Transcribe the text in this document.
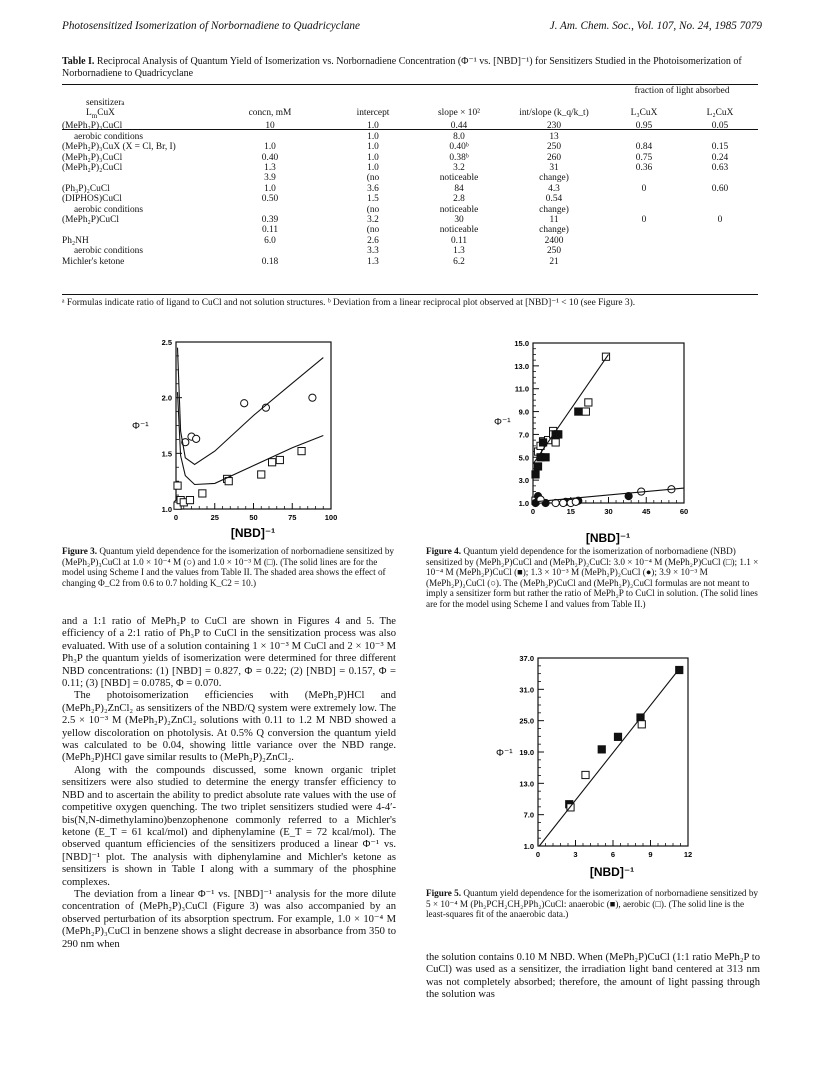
Photosensitized Isomerization of Norbornadiene to Quadricyclane	J. Am. Chem. Soc., Vol. 107, No. 24, 1985 7079
Table I. Reciprocal Analysis of Quantum Yield of Isomerization vs. Norbornadiene Concentration (Φ⁻¹ vs. [NBD]⁻¹) for Sensitizers Studied in the Photoisomerization of Norbornadiene to Quadricyclane
sensitizer$^a$					fraction of light absorbed	
$L_mCuX$	concn, mM	intercept	slope × 10²	int/slope (k_q/k_t)	L₃CuX	L₂CuX
(MePh₂P)₃CuCl	10	1.0	0.44	230	0.95	0.05
aerobic conditions		1.0	8.0	13		
(MePh₂P)₃CuX (X = Cl, Br, I)	1.0	1.0	0.40ᵇ	250	0.84	0.15
(MePh₂P)₃CuCl	0.40	1.0	0.38ᵇ	260	0.75	0.24
(MePh₂P)₂CuCl	1.3	1.0	3.2	31	0.36	0.63
	3.9	(no	noticeable	change)		
(Ph₃P)₂CuCl	1.0	3.6	84	4.3	0	0.60
(DIPHOS)CuCl	0.50	1.5	2.8	0.54		
aerobic conditions		(no	noticeable	change)		
(MePh₂P)CuCl	0.39	3.2	30	11	0	0
	0.11	(no	noticeable	change)		
Ph₂NH	6.0	2.6	0.11	2400		
aerobic conditions		3.3	1.3	250		
Michler's ketone	0.18	1.3	6.2	21		
ᵃ Formulas indicate ratio of ligand to CuCl and not solution structures. ᵇ Deviation from a linear reciprocal plot observed at [NBD]⁻¹ < 10 (see Figure 3).
0	25	50	75	100
1.0
1.5
2.0
2.5
[NBD]⁻¹
Φ⁻¹
Figure 3. Quantum yield dependence for the isomerization of norbornadiene sensitized by (MePh₂P)₃CuCl at 1.0 × 10⁻⁴ M (○) and 1.0 × 10⁻³ M (□). (The solid lines are for the model using Scheme I and the values from Table II. The shaded area shows the effect of changing Φ_C2 from 0.6 to 0.7 holding K_C2 = 10.)
0	15	30	45	60
1.0
3.0
5.0
7.0
9.0
11.0
13.0
15.0
[NBD]⁻¹
Φ⁻¹
Figure 4. Quantum yield dependence for the isomerization of norbornadiene (NBD) sensitized by (MePh₂P)CuCl and (MePh₂P)₂CuCl: 3.0 × 10⁻⁴ M (MePh₂P)CuCl (□); 1.1 × 10⁻⁴ M (MePh₂P)CuCl (■); 1.3 × 10⁻³ M (MePh₂P)₂CuCl (●); 3.9 × 10⁻³ M (MePh₂P)₂CuCl (○). The (MePh₂P)CuCl and (MePh₂P)₂CuCl formulas are not meant to imply a sensitizer form but rather the ratio of MePh₂P to CuCl in solution. (The solid lines are for the model using Scheme I and values from Table II.)
0	3	6	9	12
1.0
7.0
13.0
19.0
25.0
31.0
37.0
[NBD]⁻¹
Φ⁻¹
Figure 5. Quantum yield dependence for the isomerization of norbornadiene sensitized by 5 × 10⁻⁴ M (Ph₂PCH₂CH₂PPh₂)CuCl: anaerobic (■), aerobic (□). (The solid line is the least-squares fit of the anaerobic data.)
and a 1:1 ratio of MePh₂P to CuCl are shown in Figures 4 and 5. The efficiency of a 2:1 ratio of Ph₃P to CuCl in the sensitization process was also evaluated. With use of a solution containing 1 × 10⁻³ M CuCl and 2 × 10⁻³ M Ph₃P the quantum yields of isomerization were determined for three different NBD concentrations: (1) [NBD] = 0.827, Φ = 0.22; (2) [NBD] = 0.157, Φ = 0.11; (3) [NBD] = 0.0785, Φ = 0.070.
The photoisomerization efficiencies with (MePh₂P)HCl and (MePh₂P)₂ZnCl₂ as sensitizers of the NBD/Q system were extremely low. The 2.5 × 10⁻³ M (MePh₂P)₂ZnCl₂ solutions with 0.11 to 1.2 M NBD showed a yellow discoloration on photolysis. At 0.5% Q conversion the quantum yield was calculated to be 0.04, showing little variance over the NBD range. (MePh₂P)HCl gave similar results to (MePh₂P)₂ZnCl₂.
Along with the compounds discussed, some known organic triplet sensitizers were also studied to determine the energy transfer efficiency to NBD and to ascertain the ability to predict absolute rate values with the use of competitive oxygen quenching. The two triplet sensitizers studied were 4-4′-bis(N,N-dimethylamino)benzophenone commonly referred to a Michler's ketone (E_T = 61 kcal/mol) and diphenylamine (E_T = 72 kcal/mol). The observed quantum efficiencies of the sensitizers produced a linear Φ⁻¹ vs. [NBD]⁻¹ plot. The analysis with diphenylamine and Michler's ketone as sensitizers is shown in Table I along with a summary of the phosphine complexes.
The deviation from a linear Φ⁻¹ vs. [NBD]⁻¹ analysis for the more dilute concentration of (MePh₂P)₃CuCl (Figure 3) was also accompanied by an observed perturbation of its absorption spectrum. For example, 1.0 × 10⁻⁴ M (MePh₂P)₃CuCl in benzene shows a slight decrease in absorbance from 350 to 290 nm when
the solution contains 0.10 M NBD. When (MePh₂P)CuCl (1:1 ratio MePh₂P to CuCl) was used as a sensitizer, the irradiation light band centered at 313 nm was not completely absorbed; therefore, the amount of light passing through the solution was
